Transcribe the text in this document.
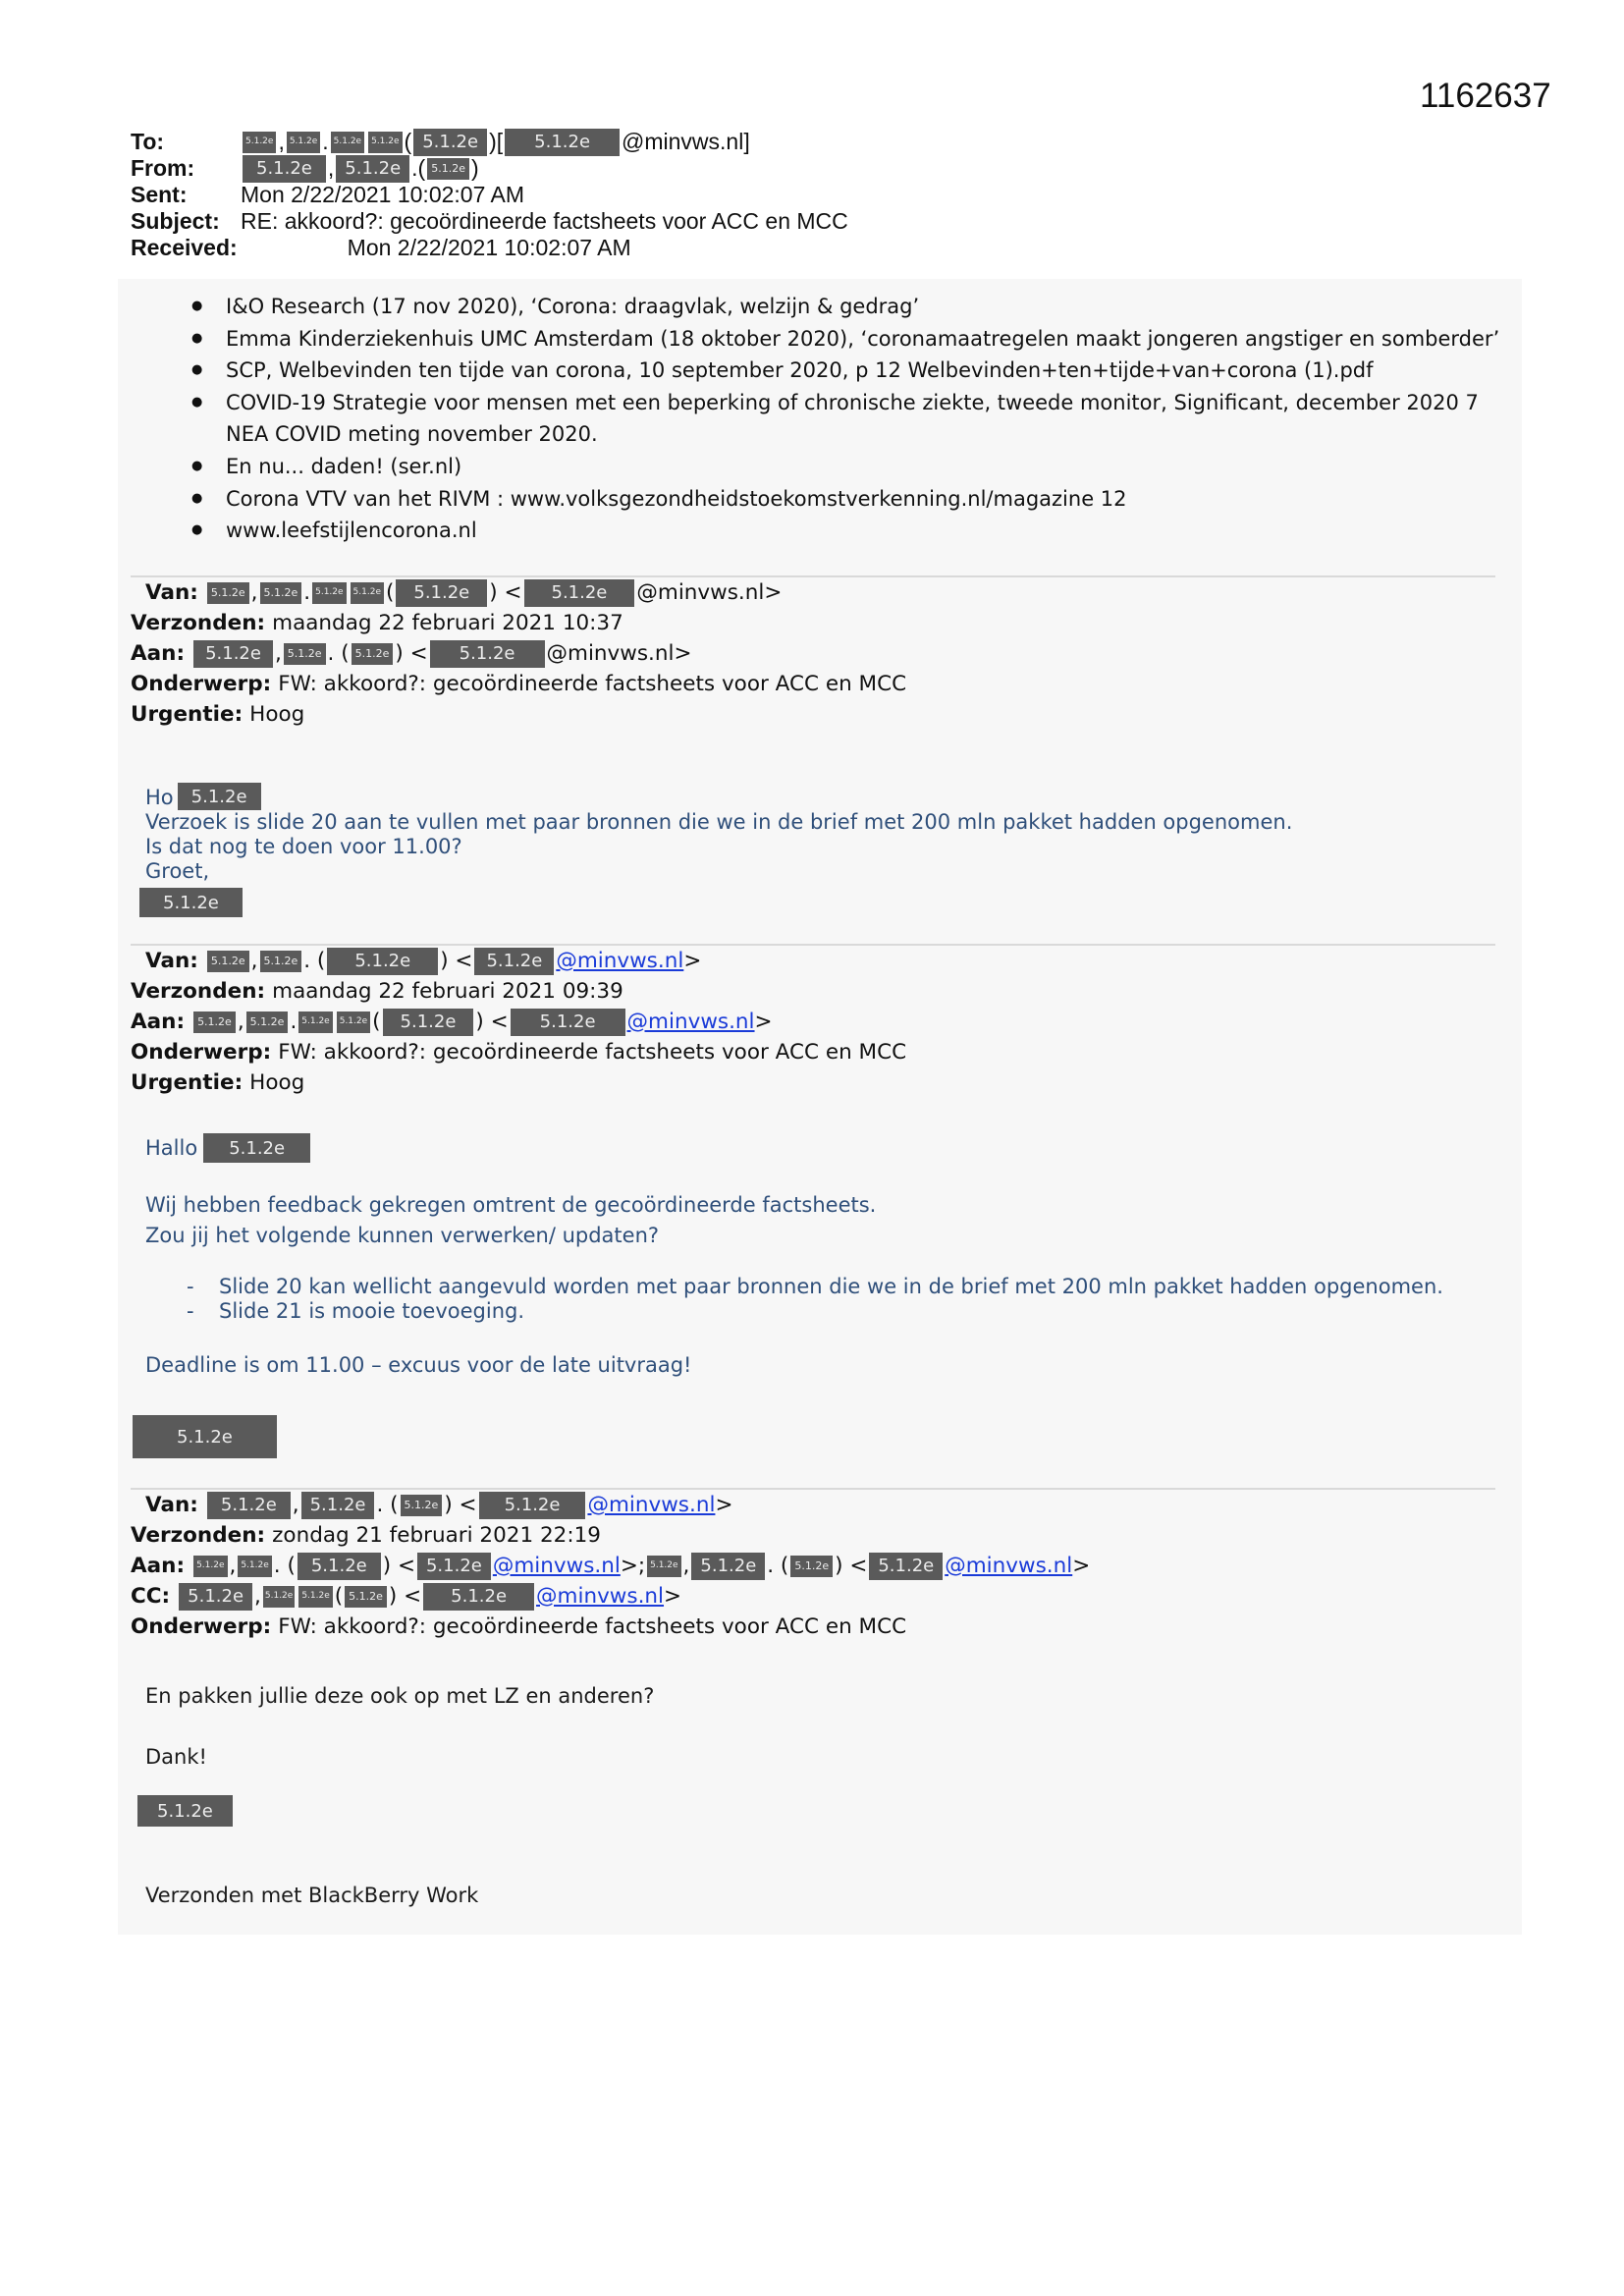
1162637
To:	5.1.2e , 5.1.2e . 5.1.2e	5.1.2e ( 5.1.2e )[	5.1.2e	@minvws.nl]
From:	5.1.2e , 5.1.2e .( 5.1.2e )
Sent:	Mon 2/22/2021 10:02:07 AM
Subject: RE: akkoord?: gecoördineerde factsheets voor ACC en MCC
Received:	Mon 2/22/2021 10:02:07 AM
● I&O Research (17 nov 2020), ‘Corona: draagvlak, welzijn & gedrag’
● Emma Kinderziekenhuis UMC Amsterdam (18 oktober 2020), ‘coronamaatregelen maakt jongeren angstiger en somberder’
● SCP, Welbevinden ten tijde van corona, 10 september 2020, p 12 Welbevinden+ten+tijde+van+corona (1).pdf
● COVID-19 Strategie voor mensen met een beperking of chronische ziekte, tweede monitor, Significant, december 2020 7 NEA COVID meting november 2020.
● En nu... daden! (ser.nl)
● Corona VTV van het RIVM : www.volksgezondheidstoekomstverkenning.nl/magazine 12
● www.leefstijlencorona.nl
Van:	5.1.2e , 5.1.2e . 5.1.2e	5.1.2e (	5.1.2e ) <	5.1.2e	@minvws.nl>
Verzonden: maandag 22 februari 2021 10:37
Aan:	5.1.2e , 5.1.2e . ( 5.1.2e ) <	5.1.2e	@minvws.nl>
Onderwerp: FW: akkoord?: gecoördineerde factsheets voor ACC en MCC
Urgentie: Hoog
Ho	5.1.2e
Verzoek is slide 20 aan te vullen met paar bronnen die we in de brief met 200 mln pakket hadden opgenomen.
Is dat nog te doen voor 11.00?
Groet,
5.1.2e
Van:	5.1.2e , 5.1.2e . (	5.1.2e	) < 5.1.2e @minvws.nl >
Verzonden: maandag 22 februari 2021 09:39
Aan:	5.1.2e , 5.1.2e . 5.1.2e	5.1.2e (	5.1.2e ) <	5.1.2e	@minvws.nl >
Onderwerp: FW: akkoord?: gecoördineerde factsheets voor ACC en MCC
Urgentie: Hoog
Hallo	5.1.2e
Wij hebben feedback gekregen omtrent de gecoördineerde factsheets.
Zou jij het volgende kunnen verwerken/ updaten?
- Slide 20 kan wellicht aangevuld worden met paar bronnen die we in de brief met 200 mln pakket hadden opgenomen.
- Slide 21 is mooie toevoeging.
Deadline is om 11.00 – excuus voor de late uitvraag!
5.1.2e
Van:	5.1.2e , 5.1.2e . ( 5.1.2e ) <	5.1.2e	@minvws.nl >
Verzonden: zondag 21 februari 2021 22:19
Aan:	5.1.2e , 5.1.2e . ( 5.1.2e ) < 5.1.2e @minvws.nl >; 5.1.2e , 5.1.2e . ( 5.1.2e ) < 5.1.2e @minvws.nl >
CC:	5.1.2e , 5.1.2e	5.1.2e ( 5.1.2e ) <	5.1.2e	@minvws.nl >
Onderwerp: FW: akkoord?: gecoördineerde factsheets voor ACC en MCC
En pakken jullie deze ook op met LZ en anderen?
Dank!
5.1.2e
Verzonden met BlackBerry Work
